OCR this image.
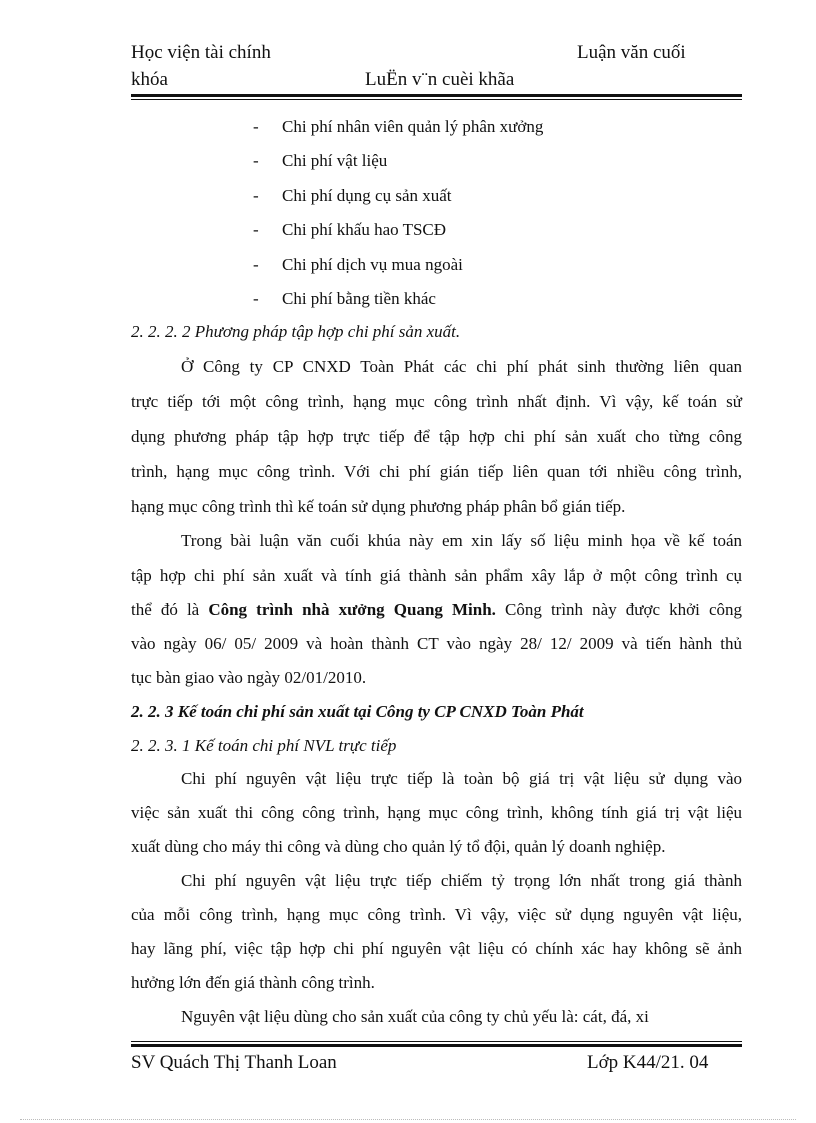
Học viện tài chính	Luận văn cuối
khóa	LuËn v¨n cuèi khãa
- Chi phí nhân viên quản lý phân xưởng
- Chi phí vật liệu
- Chi phí dụng cụ sản xuất
- Chi phí khấu hao TSCĐ
- Chi phí dịch vụ mua ngoài
- Chi phí bằng tiền khác
2. 2. 2. 2 Phương pháp tập hợp chi phí sản xuất.
Ở Công ty CP CNXD Toàn Phát các chi phí phát sinh thường liên quan
trực tiếp tới một công trình, hạng mục công trình nhất định. Vì vậy, kế toán sử
dụng phương pháp tập hợp trực tiếp để tập hợp chi phí sản xuất cho từng công
trình, hạng mục công trình. Với chi phí gián tiếp liên quan tới nhiều công trình,
hạng mục công trình thì kế toán sử dụng phương pháp phân bổ gián tiếp.
Trong bài luận văn cuối khúa này em xin lấy số liệu minh họa về kế toán
tập hợp chi phí sản xuất và tính giá thành sản phẩm xây lắp ở một công trình cụ
thể đó là Công trình nhà xưởng Quang Minh. Công trình này được khởi công
vào ngày 06/ 05/ 2009 và hoàn thành CT vào ngày 28/ 12/ 2009 và tiến hành thủ
tục bàn giao vào ngày 02/01/2010.
2. 2. 3 Kế toán chi phí sản xuất tại Công ty CP CNXD Toàn Phát
2. 2. 3. 1 Kế toán chi phí NVL trực tiếp
Chi phí nguyên vật liệu trực tiếp là toàn bộ giá trị vật liệu sử dụng vào
việc sản xuất thi công công trình, hạng mục công trình, không tính giá trị vật liệu
xuất dùng cho máy thi công và dùng cho quản lý tổ đội, quản lý doanh nghiệp.
Chi phí nguyên vật liệu trực tiếp chiếm tỷ trọng lớn nhất trong giá thành
của mỗi công trình, hạng mục công trình. Vì vậy, việc sử dụng nguyên vật liệu,
hay lãng phí, việc tập hợp chi phí nguyên vật liệu có chính xác hay không sẽ ảnh
hưởng lớn đến giá thành công trình.
Nguyên vật liệu dùng cho sản xuất của công ty chủ yếu là: cát, đá, xi
SV Quách Thị Thanh Loan	Lớp K44/21. 04
